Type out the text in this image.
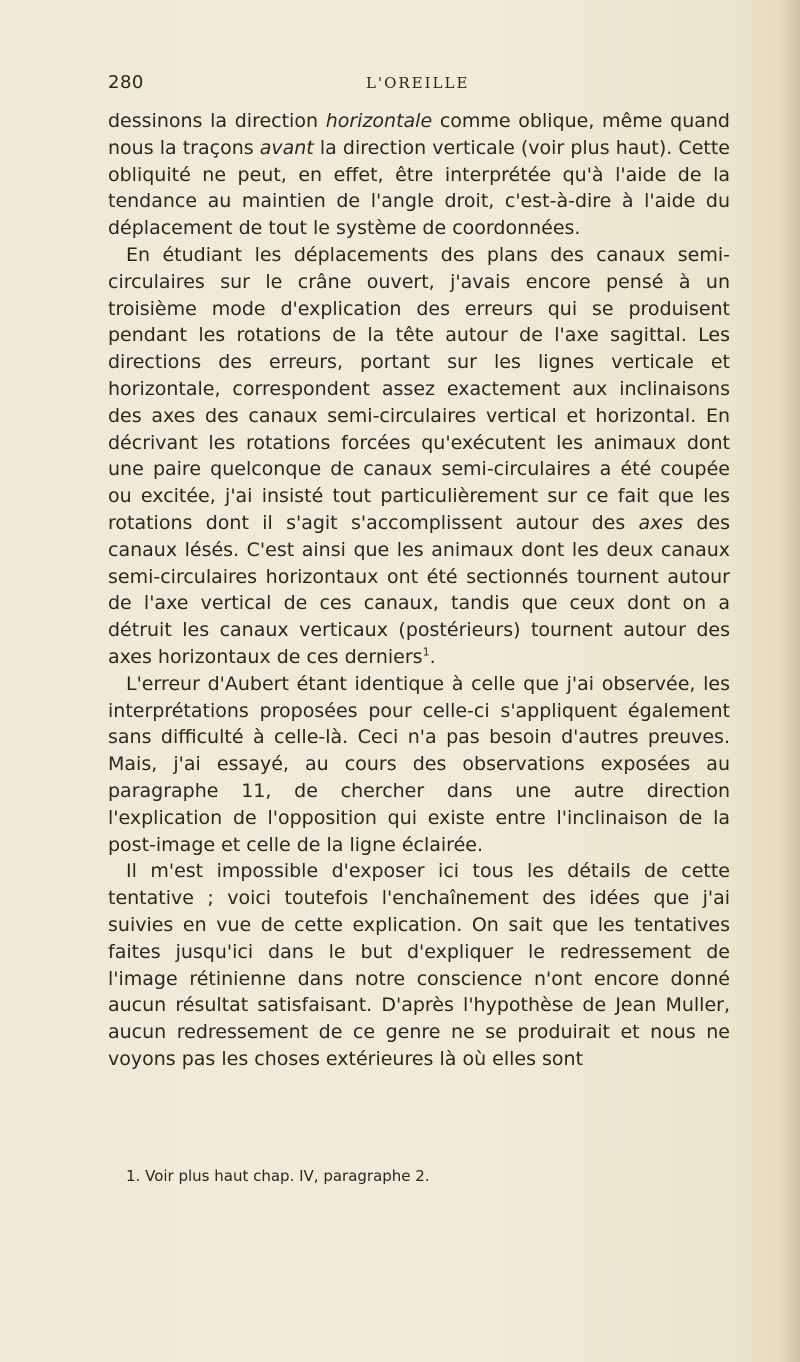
280	L'OREILLE

dessinons la direction horizontale comme oblique, même quand nous la traçons avant la direction verticale (voir plus haut). Cette obliquité ne peut, en effet, être interprétée qu'à l'aide de la tendance au maintien de l'angle droit, c'est-à-dire à l'aide du déplacement de tout le système de coordonnées.

En étudiant les déplacements des plans des canaux semi-circulaires sur le crâne ouvert, j'avais encore pensé à un troisième mode d'explication des erreurs qui se produisent pendant les rotations de la tête autour de l'axe sagittal. Les directions des erreurs, portant sur les lignes verticale et horizontale, correspondent assez exactement aux inclinaisons des axes des canaux semi-circulaires vertical et horizontal. En décrivant les rotations forcées qu'exécutent les animaux dont une paire quelconque de canaux semi-circulaires a été coupée ou excitée, j'ai insisté tout particulièrement sur ce fait que les rotations dont il s'agit s'accomplissent autour des axes des canaux lésés. C'est ainsi que les animaux dont les deux canaux semi-circulaires horizontaux ont été sectionnés tournent autour de l'axe vertical de ces canaux, tandis que ceux dont on a détruit les canaux verticaux (postérieurs) tournent autour des axes horizontaux de ces derniers$^1$.

L'erreur d'Aubert étant identique à celle que j'ai observée, les interprétations proposées pour celle-ci s'appliquent également sans difficulté à celle-là. Ceci n'a pas besoin d'autres preuves. Mais, j'ai essayé, au cours des observations exposées au paragraphe 11, de chercher dans une autre direction l'explication de l'opposition qui existe entre l'inclinaison de la post-image et celle de la ligne éclairée.

Il m'est impossible d'exposer ici tous les détails de cette tentative ; voici toutefois l'enchaînement des idées que j'ai suivies en vue de cette explication. On sait que les tentatives faites jusqu'ici dans le but d'expliquer le redressement de l'image rétinienne dans notre conscience n'ont encore donné aucun résultat satisfaisant. D'après l'hypothèse de Jean Muller, aucun redressement de ce genre ne se produirait et nous ne voyons pas les choses extérieures là où elles sont

1. Voir plus haut chap. IV, paragraphe 2.
